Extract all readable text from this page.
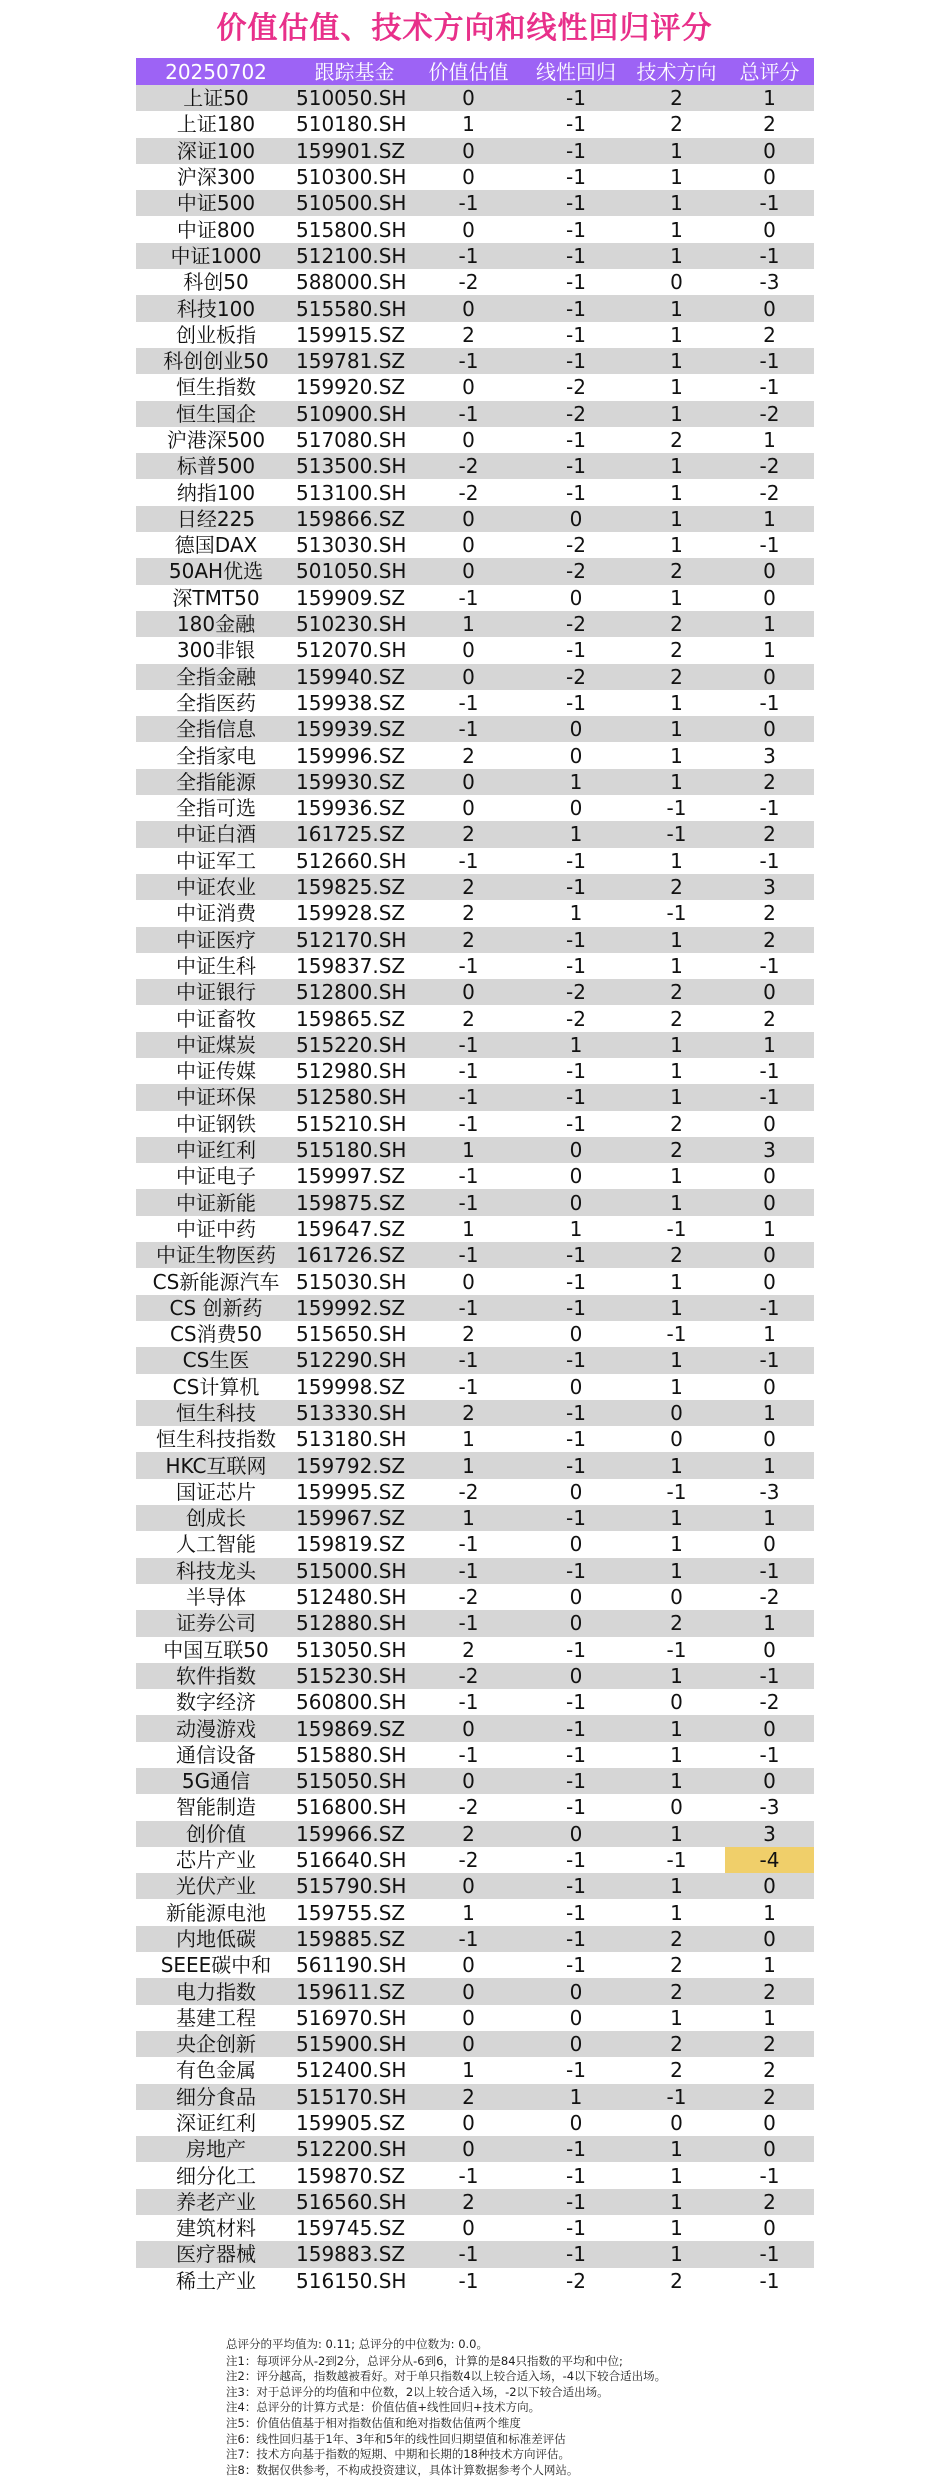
价值估值、技术方向和线性回归评分
20250702	跟踪基金	价值估值	线性回归	技术方向	总评分
上证50	510050.SH	0	-1	2	1
上证180	510180.SH	1	-1	2	2
深证100	159901.SZ	0	-1	1	0
沪深300	510300.SH	0	-1	1	0
中证500	510500.SH	-1	-1	1	-1
中证800	515800.SH	0	-1	1	0
中证1000	512100.SH	-1	-1	1	-1
科创50	588000.SH	-2	-1	0	-3
科技100	515580.SH	0	-1	1	0
创业板指	159915.SZ	2	-1	1	2
科创创业50	159781.SZ	-1	-1	1	-1
恒生指数	159920.SZ	0	-2	1	-1
恒生国企	510900.SH	-1	-2	1	-2
沪港深500	517080.SH	0	-1	2	1
标普500	513500.SH	-2	-1	1	-2
纳指100	513100.SH	-2	-1	1	-2
日经225	159866.SZ	0	0	1	1
德国DAX	513030.SH	0	-2	1	-1
50AH优选	501050.SH	0	-2	2	0
深TMT50	159909.SZ	-1	0	1	0
180金融	510230.SH	1	-2	2	1
300非银	512070.SH	0	-1	2	1
全指金融	159940.SZ	0	-2	2	0
全指医药	159938.SZ	-1	-1	1	-1
全指信息	159939.SZ	-1	0	1	0
全指家电	159996.SZ	2	0	1	3
全指能源	159930.SZ	0	1	1	2
全指可选	159936.SZ	0	0	-1	-1
中证白酒	161725.SZ	2	1	-1	2
中证军工	512660.SH	-1	-1	1	-1
中证农业	159825.SZ	2	-1	2	3
中证消费	159928.SZ	2	1	-1	2
中证医疗	512170.SH	2	-1	1	2
中证生科	159837.SZ	-1	-1	1	-1
中证银行	512800.SH	0	-2	2	0
中证畜牧	159865.SZ	2	-2	2	2
中证煤炭	515220.SH	-1	1	1	1
中证传媒	512980.SH	-1	-1	1	-1
中证环保	512580.SH	-1	-1	1	-1
中证钢铁	515210.SH	-1	-1	2	0
中证红利	515180.SH	1	0	2	3
中证电子	159997.SZ	-1	0	1	0
中证新能	159875.SZ	-1	0	1	0
中证中药	159647.SZ	1	1	-1	1
中证生物医药	161726.SZ	-1	-1	2	0
CS新能源汽车	515030.SH	0	-1	1	0
CS 创新药	159992.SZ	-1	-1	1	-1
CS消费50	515650.SH	2	0	-1	1
CS生医	512290.SH	-1	-1	1	-1
CS计算机	159998.SZ	-1	0	1	0
恒生科技	513330.SH	2	-1	0	1
恒生科技指数	513180.SH	1	-1	0	0
HKC互联网	159792.SZ	1	-1	1	1
国证芯片	159995.SZ	-2	0	-1	-3
创成长	159967.SZ	1	-1	1	1
人工智能	159819.SZ	-1	0	1	0
科技龙头	515000.SH	-1	-1	1	-1
半导体	512480.SH	-2	0	0	-2
证券公司	512880.SH	-1	0	2	1
中国互联50	513050.SH	2	-1	-1	0
软件指数	515230.SH	-2	0	1	-1
数字经济	560800.SH	-1	-1	0	-2
动漫游戏	159869.SZ	0	-1	1	0
通信设备	515880.SH	-1	-1	1	-1
5G通信	515050.SH	0	-1	1	0
智能制造	516800.SH	-2	-1	0	-3
创价值	159966.SZ	2	0	1	3
芯片产业	516640.SH	-2	-1	-1	-4
光伏产业	515790.SH	0	-1	1	0
新能源电池	159755.SZ	1	-1	1	1
内地低碳	159885.SZ	-1	-1	2	0
SEEE碳中和	561190.SH	0	-1	2	1
电力指数	159611.SZ	0	0	2	2
基建工程	516970.SH	0	0	1	1
央企创新	515900.SH	0	0	2	2
有色金属	512400.SH	1	-1	2	2
细分食品	515170.SH	2	1	-1	2
深证红利	159905.SZ	0	0	0	0
房地产	512200.SH	0	-1	1	0
细分化工	159870.SZ	-1	-1	1	-1
养老产业	516560.SH	2	-1	1	2
建筑材料	159745.SZ	0	-1	1	0
医疗器械	159883.SZ	-1	-1	1	-1
稀土产业	516150.SH	-1	-2	2	-1
总评分的平均值为: 0.11; 总评分的中位数为: 0.0。
注1：每项评分从-2到2分，总评分从-6到6，计算的是84只指数的平均和中位;
注2：评分越高，指数越被看好。对于单只指数4以上较合适入场，-4以下较合适出场。
注3：对于总评分的均值和中位数，2以上较合适入场，-2以下较合适出场。
注4：总评分的计算方式是：价值估值+线性回归+技术方向。
注5：价值估值基于相对指数估值和绝对指数估值两个维度
注6：线性回归基于1年、3年和5年的线性回归期望值和标准差评估
注7：技术方向基于指数的短期、中期和长期的18种技术方向评估。
注8：数据仅供参考，不构成投资建议，具体计算数据参考个人网站。
